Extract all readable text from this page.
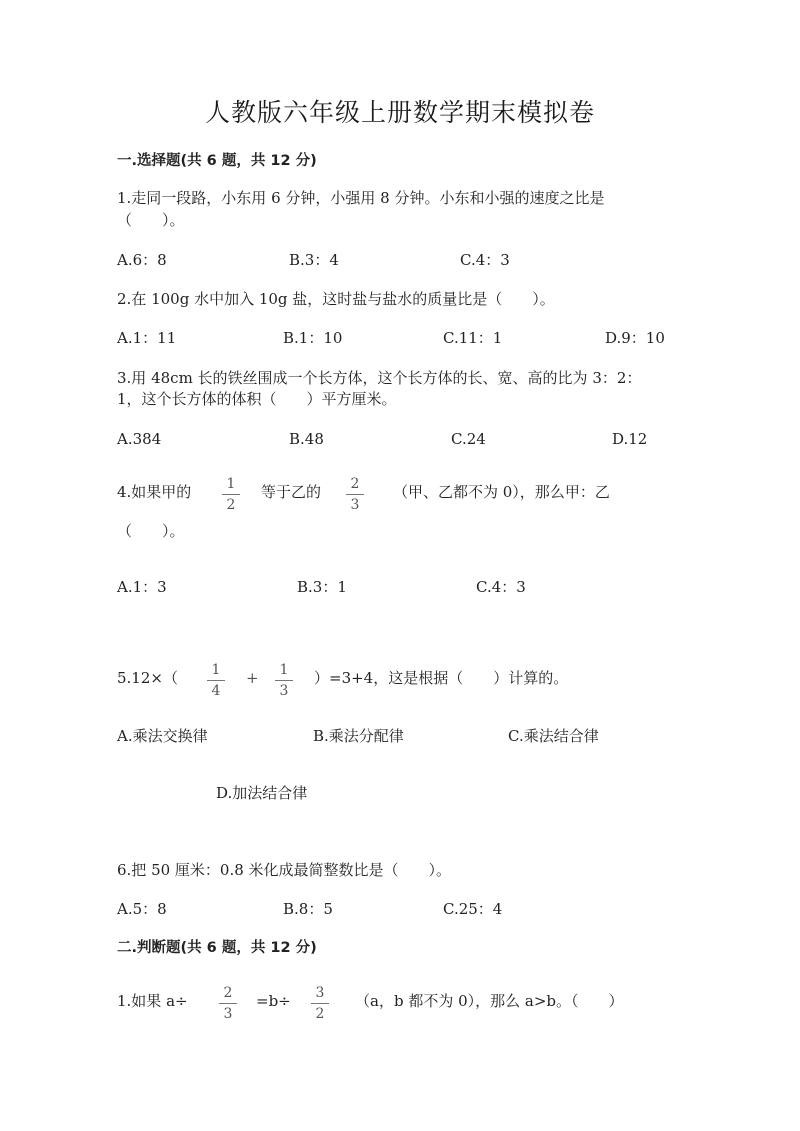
人教版六年级上册数学期末模拟卷
一.选择题(共 6 题，共 12 分)
1.走同一段路，小东用 6 分钟，小强用 8 分钟。小东和小强的速度之比是
（　　）。
A.6：8	B.3：4	C.4：3
2.在 100g 水中加入 10g 盐，这时盐与盐水的质量比是（　　）。
A.1：11	B.1：10	C.11：1	D.9：10
3.用 48cm 长的铁丝围成一个长方体，这个长方体的长、宽、高的比为 3：2：
1，这个长方体的体积（　　）平方厘米。
A.384	B.48	C.24	D.12
4.如果甲的	1
2
等于乙的	2
3
（甲、乙都不为 0），那么甲：乙
（　　）。
A.1：3	B.3：1	C.4：3
5.12×（	1
4
+	1
3
）=3+4，这是根据（　　）计算的。
A.乘法交换律	B.乘法分配律	C.乘法结合律
D.加法结合律
6.把 50 厘米：0.8 米化成最简整数比是（　　）。
A.5：8	B.8：5	C.25：4
二.判断题(共 6 题，共 12 分)
1.如果 a÷	2
3
=b÷	3
2
（a，b 都不为 0），那么 a>b。（　　）
